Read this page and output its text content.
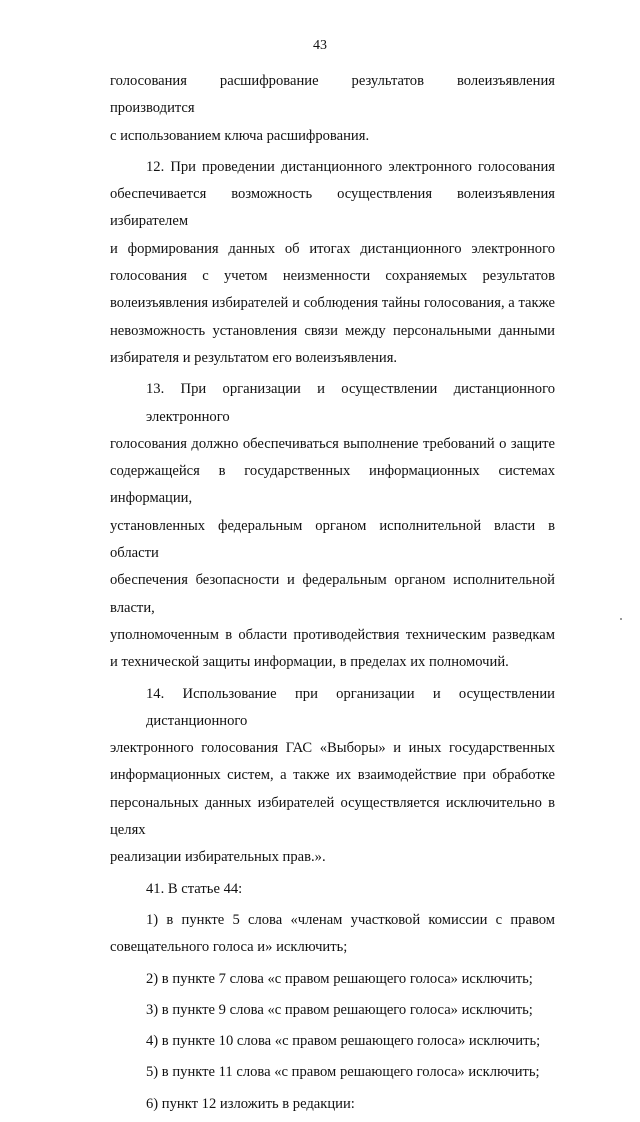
43

голосования расшифрование результатов волеизъявления производится
с использованием ключа расшифрования.

12. При проведении дистанционного электронного голосования
обеспечивается возможность осуществления волеизъявления избирателем
и формирования данных об итогах дистанционного электронного
голосования с учетом неизменности сохраняемых результатов
волеизъявления избирателей и соблюдения тайны голосования, а также
невозможность установления связи между персональными данными
избирателя и результатом его волеизъявления.

13. При организации и осуществлении дистанционного электронного
голосования должно обеспечиваться выполнение требований о защите
содержащейся в государственных информационных системах информации,
установленных федеральным органом исполнительной власти в области
обеспечения безопасности и федеральным органом исполнительной власти,
уполномоченным в области противодействия техническим разведкам
и технической защиты информации, в пределах их полномочий.

14. Использование при организации и осуществлении дистанционного
электронного голосования ГАС «Выборы» и иных государственных
информационных систем, а также их взаимодействие при обработке
персональных данных избирателей осуществляется исключительно в целях
реализации избирательных прав.».

41. В статье 44:

1) в пункте 5 слова «членам участковой комиссии с правом
совещательного голоса и» исключить;

2) в пункте 7 слова «с правом решающего голоса» исключить;

3) в пункте 9 слова «с правом решающего голоса» исключить;

4) в пункте 10 слова «с правом решающего голоса» исключить;

5) в пункте 11 слова «с правом решающего голоса» исключить;

6) пункт 12 изложить в редакции:
